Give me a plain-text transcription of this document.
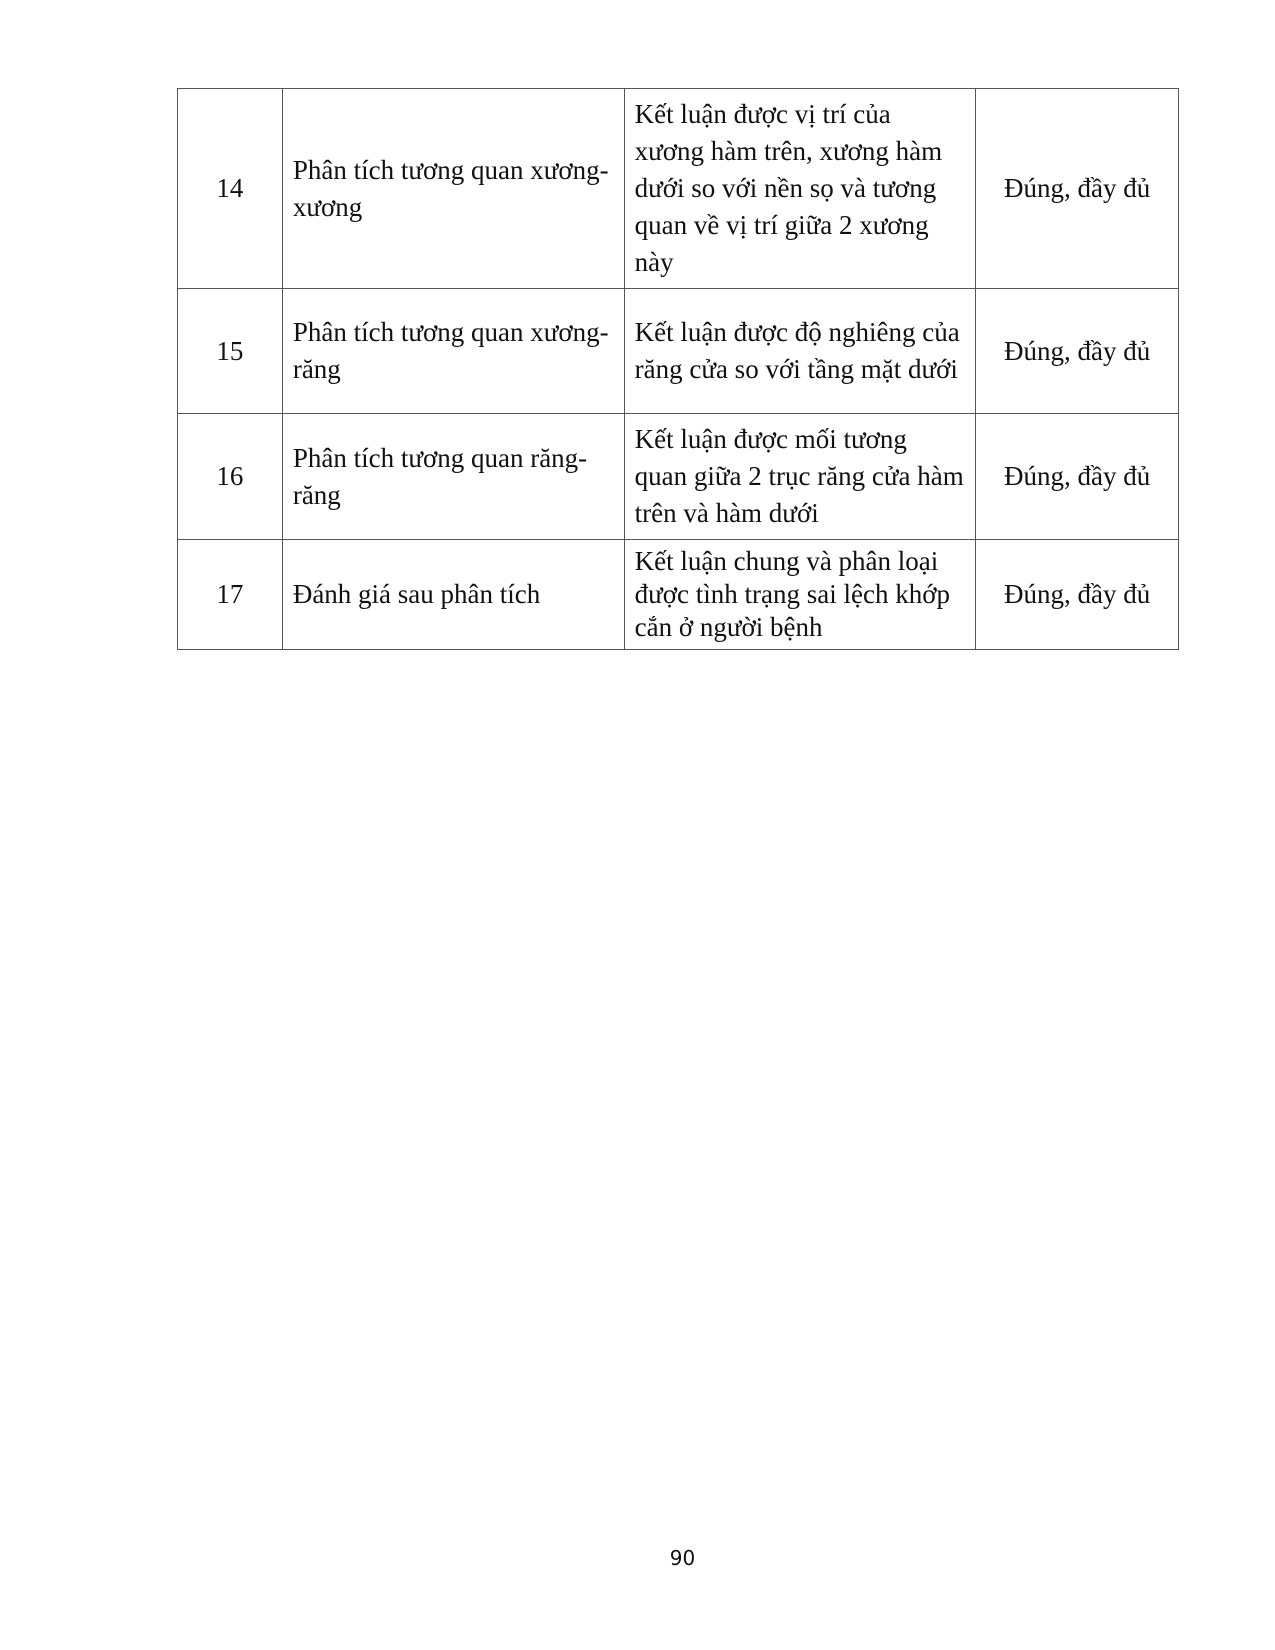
14	Phân tích tương quan xương-xương	Kết luận được vị trí của xương hàm trên, xương hàm dưới so với nền sọ và tương quan về vị trí giữa 2 xương này	Đúng, đầy đủ
15	Phân tích tương quan xương-răng	Kết luận được độ nghiêng của răng cửa so với tầng mặt dưới	Đúng, đầy đủ
16	Phân tích tương quan răng-răng	Kết luận được mối tương quan giữa 2 trục răng cửa hàm trên và hàm dưới	Đúng, đầy đủ
17	Đánh giá sau phân tích	Kết luận chung và phân loại được tình trạng sai lệch khớp cắn ở người bệnh	Đúng, đầy đủ
90
